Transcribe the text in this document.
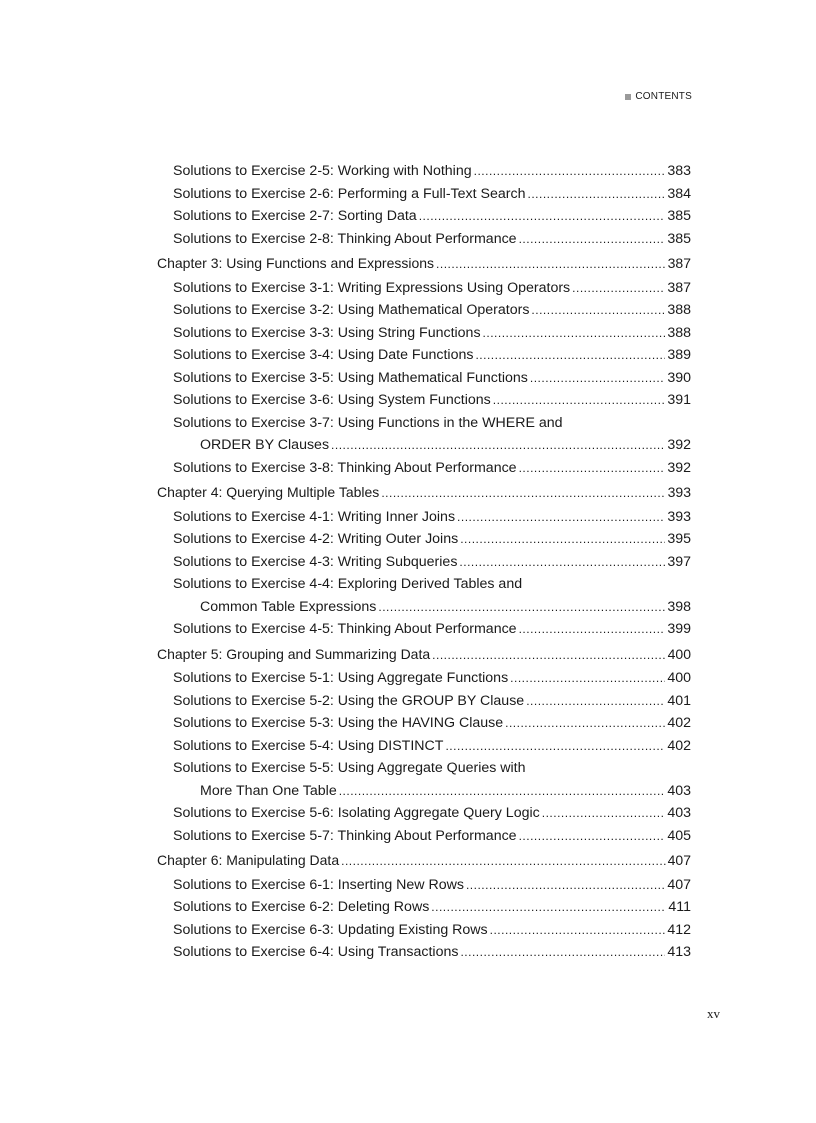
CONTENTS
Solutions to Exercise 2-5: Working with Nothing .....	383
Solutions to Exercise 2-6: Performing a Full-Text Search .....	384
Solutions to Exercise 2-7: Sorting Data .....	385
Solutions to Exercise 2-8: Thinking About Performance .....	385
Chapter 3: Using Functions and Expressions .....	387
Solutions to Exercise 3-1: Writing Expressions Using Operators .....	387
Solutions to Exercise 3-2: Using Mathematical Operators .....	388
Solutions to Exercise 3-3: Using String Functions .....	388
Solutions to Exercise 3-4: Using Date Functions .....	389
Solutions to Exercise 3-5: Using Mathematical Functions .....	390
Solutions to Exercise 3-6: Using System Functions .....	391
Solutions to Exercise 3-7: Using Functions in the WHERE and
ORDER BY Clauses .....	392
Solutions to Exercise 3-8: Thinking About Performance .....	392
Chapter 4: Querying Multiple Tables .....	393
Solutions to Exercise 4-1: Writing Inner Joins .....	393
Solutions to Exercise 4-2: Writing Outer Joins .....	395
Solutions to Exercise 4-3: Writing Subqueries .....	397
Solutions to Exercise 4-4: Exploring Derived Tables and
Common Table Expressions .....	398
Solutions to Exercise 4-5: Thinking About Performance .....	399
Chapter 5: Grouping and Summarizing Data .....	400
Solutions to Exercise 5-1: Using Aggregate Functions .....	400
Solutions to Exercise 5-2: Using the GROUP BY Clause .....	401
Solutions to Exercise 5-3: Using the HAVING Clause .....	402
Solutions to Exercise 5-4: Using DISTINCT .....	402
Solutions to Exercise 5-5: Using Aggregate Queries with
More Than One Table .....	403
Solutions to Exercise 5-6: Isolating Aggregate Query Logic .....	403
Solutions to Exercise 5-7: Thinking About Performance .....	405
Chapter 6: Manipulating Data .....	407
Solutions to Exercise 6-1: Inserting New Rows .....	407
Solutions to Exercise 6-2: Deleting Rows .....	411
Solutions to Exercise 6-3: Updating Existing Rows .....	412
Solutions to Exercise 6-4: Using Transactions .....	413
xv
